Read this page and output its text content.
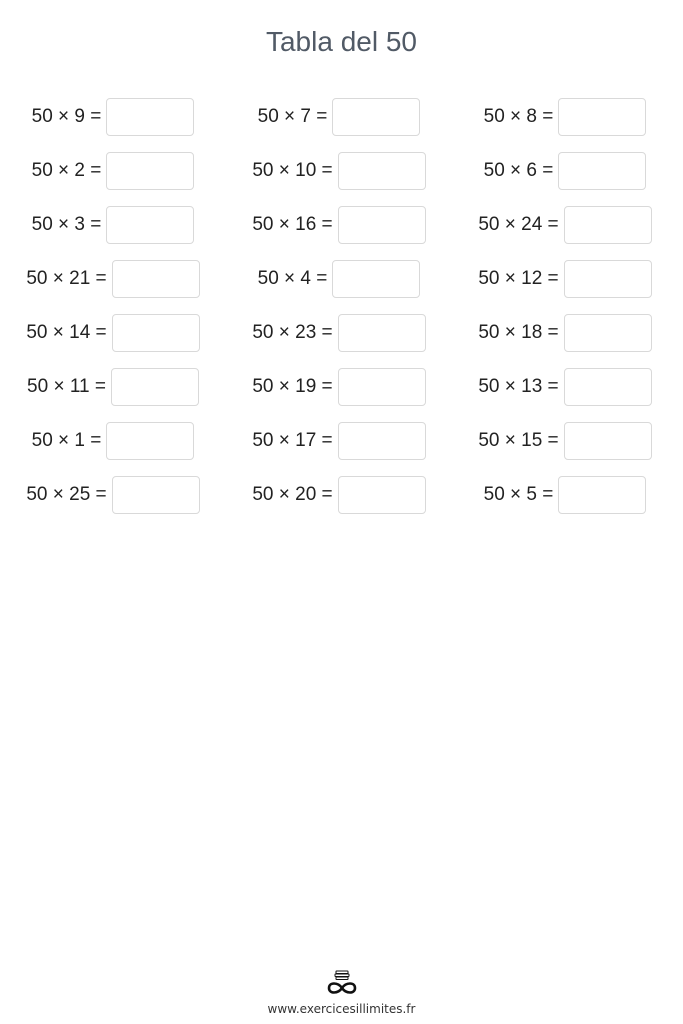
Tabla del 50
50 × 9 =	50 × 7 =	50 × 8 =
50 × 2 =	50 × 10 =	50 × 6 =
50 × 3 =	50 × 16 =	50 × 24 =
50 × 21 =	50 × 4 =	50 × 12 =
50 × 14 =	50 × 23 =	50 × 18 =
50 × 11 =	50 × 19 =	50 × 13 =
50 × 1 =	50 × 17 =	50 × 15 =
50 × 25 =	50 × 20 =	50 × 5 =
www.exercicesillimites.fr
